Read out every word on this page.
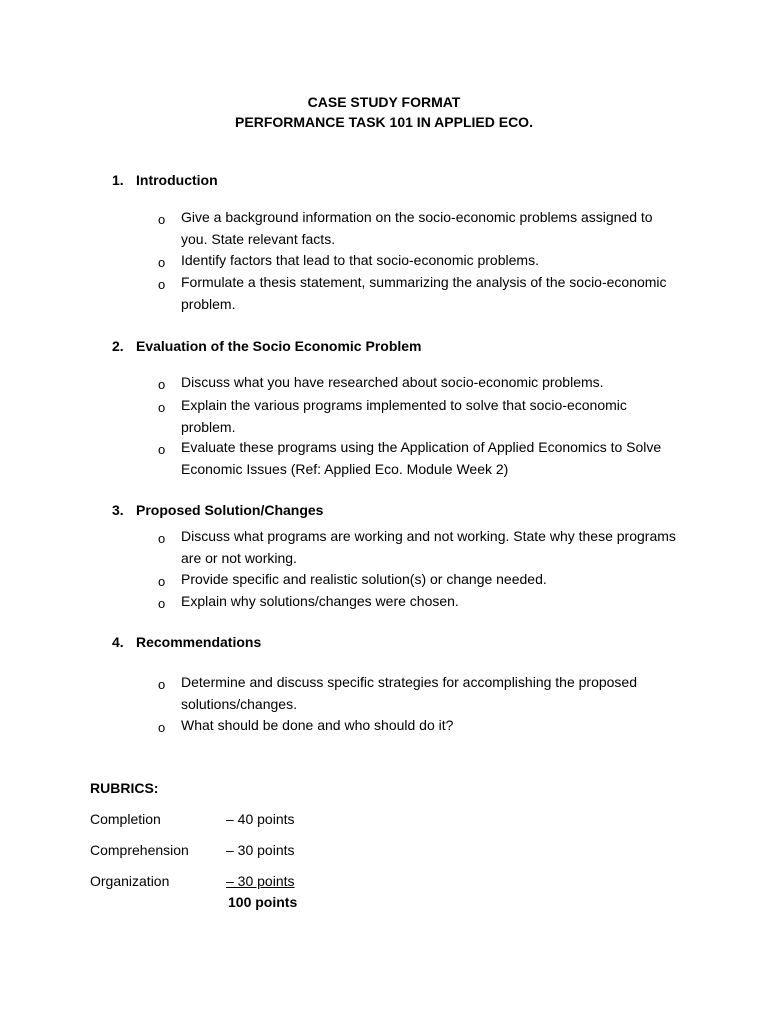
CASE STUDY FORMAT
PERFORMANCE TASK 101 IN APPLIED ECO.
1. Introduction
o Give a background information on the socio-economic problems assigned to you. State relevant facts.
o Identify factors that lead to that socio-economic problems.
o Formulate a thesis statement, summarizing the analysis of the socio-economic problem.
2. Evaluation of the Socio Economic Problem
o Discuss what you have researched about socio-economic problems.
o Explain the various programs implemented to solve that socio-economic problem.
o Evaluate these programs using the Application of Applied Economics to Solve Economic Issues (Ref: Applied Eco. Module Week 2)
3. Proposed Solution/Changes
o Discuss what programs are working and not working. State why these programs are or not working.
o Provide specific and realistic solution(s) or change needed.
o Explain why solutions/changes were chosen.
4. Recommendations
o Determine and discuss specific strategies for accomplishing the proposed solutions/changes.
o What should be done and who should do it?
RUBRICS:
Completion	– 40 points
Comprehension	– 30 points
Organization	– 30 points
100 points
